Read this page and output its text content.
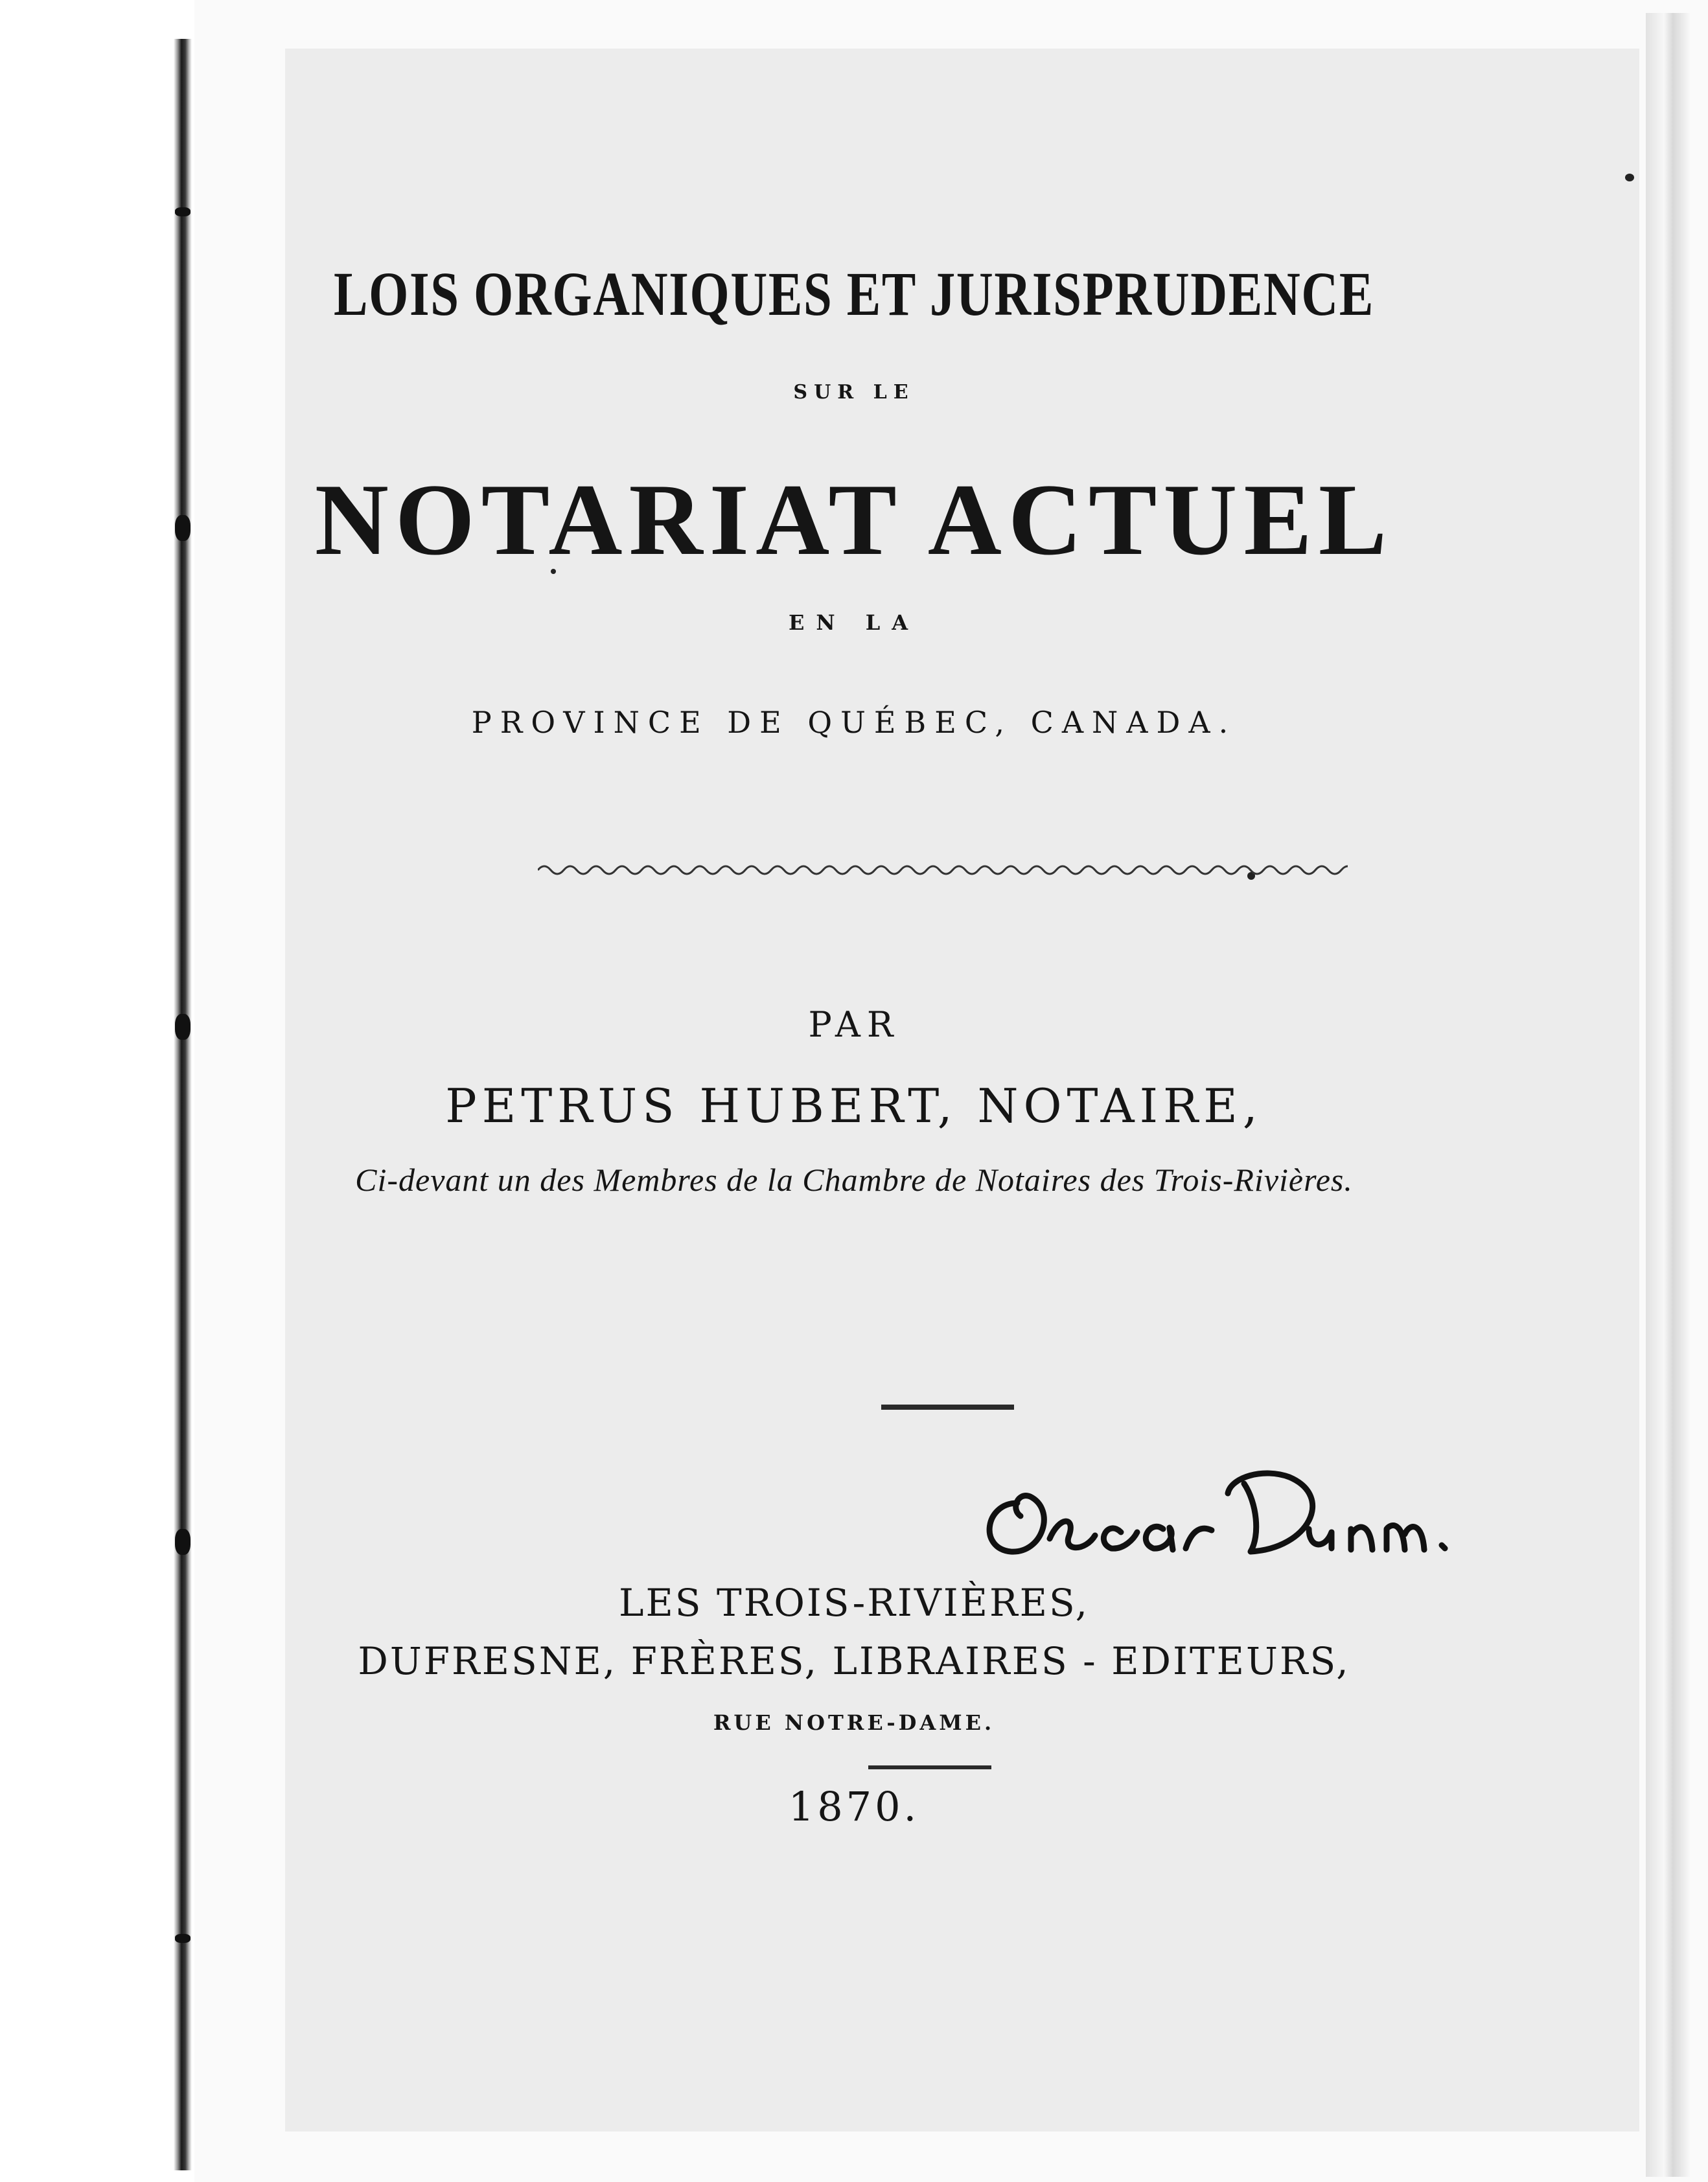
LOIS ORGANIQUES ET JURISPRUDENCE
SUR LE
NOTARIAT ACTUEL
EN LA
PROVINCE DE QUÉBEC, CANADA.
PAR
PETRUS HUBERT, NOTAIRE,
Ci-devant un des Membres de la Chambre de Notaires des Trois-Rivières.
LES TROIS-RIVIÈRES,
DUFRESNE, FRÈRES, LIBRAIRES - EDITEURS,
RUE NOTRE-DAME.
1870.
